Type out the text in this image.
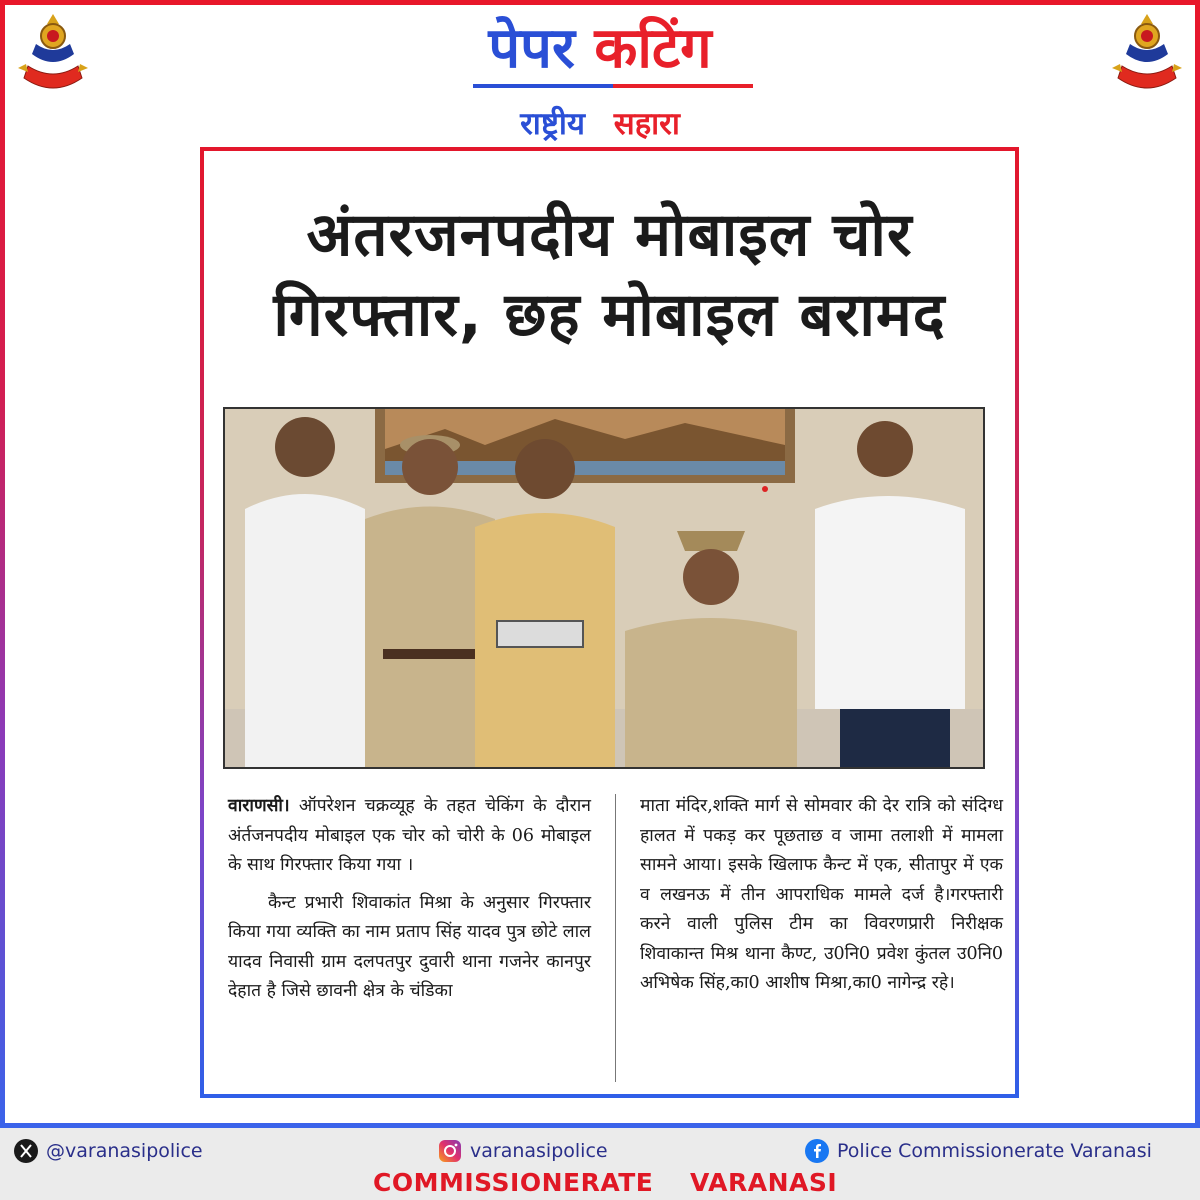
पेपर कटिंग
राष्ट्रीय सहारा
अंतरजनपदीय मोबाइल चोर
गिरफ्तार, छह मोबाइल बरामद

वाराणसी। ऑपरेशन चक्रव्यूह के तहत चेकिंग के दौरान अंर्तजनपदीय मोबाइल एक चोर को चोरी के 06 मोबाइल के साथ गिरफ्तार किया गया ।

कैन्ट प्रभारी शिवाकांत मिश्रा के अनुसार गिरफ्तार किया गया व्यक्ति का नाम प्रताप सिंह यादव पुत्र छोटे लाल यादव निवासी ग्राम दलपतपुर दुवारी थाना गजनेर कानपुर देहात है जिसे छावनी क्षेत्र के चंडिका

माता मंदिर,शक्ति मार्ग से सोमवार की देर रात्रि को संदिग्ध हालत में पकड़ कर पूछताछ व जामा तलाशी में मामला सामने आया। इसके खिलाफ कैन्ट में एक, सीतापुर में एक व लखनऊ में तीन आपराधिक मामले दर्ज है।गरफ्तारी करने वाली पुलिस टीम का विवरणप्रारी निरीक्षक शिवाकान्त मिश्र थाना कैण्ट, उ0नि0 प्रवेश कुंतल उ0नि0 अभिषेक सिंह,का0 आशीष मिश्रा,का0 नागेन्द्र रहे।

@varanasipolice	varanasipolice	Police Commissionerate Varanasi
COMMISSIONERATE VARANASI
